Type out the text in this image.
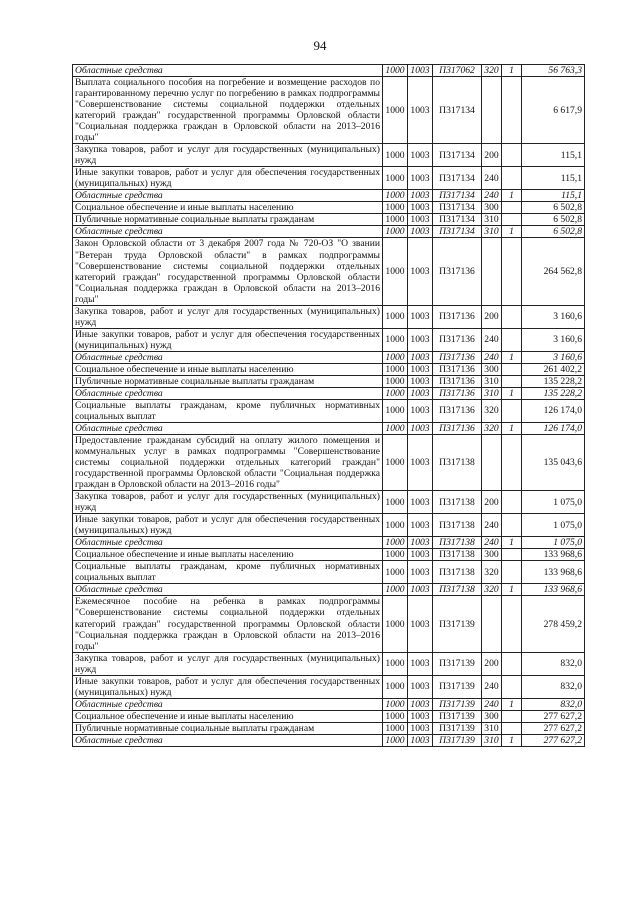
94
Областные средства	1000	1003	П317062	320	1	56 763,3
Выплата социального пособия на погребение и возмещение расходов по гарантированному перечню услуг по погребению в рамках подпрограммы "Совершенствование системы социальной поддержки отдельных категорий граждан" государственной программы Орловской области "Социальная поддержка граждан в Орловской области на 2013–2016 годы"	1000	1003	П317134			6 617,9
Закупка товаров, работ и услуг для государственных (муниципальных) нужд	1000	1003	П317134	200		115,1
Иные закупки товаров, работ и услуг для обеспечения государственных (муниципальных) нужд	1000	1003	П317134	240		115,1
Областные средства	1000	1003	П317134	240	1	115,1
Социальное обеспечение и иные выплаты населению	1000	1003	П317134	300		6 502,8
Публичные нормативные социальные выплаты гражданам	1000	1003	П317134	310		6 502,8
Областные средства	1000	1003	П317134	310	1	6 502,8
Закон Орловской области от 3 декабря 2007 года № 720-ОЗ "О звании "Ветеран труда Орловской области" в рамках подпрограммы "Совершенствование системы социальной поддержки отдельных категорий граждан" государственной программы Орловской области "Социальная поддержка граждан в Орловской области на 2013–2016 годы"	1000	1003	П317136			264 562,8
Закупка товаров, работ и услуг для государственных (муниципальных) нужд	1000	1003	П317136	200		3 160,6
Иные закупки товаров, работ и услуг для обеспечения государственных (муниципальных) нужд	1000	1003	П317136	240		3 160,6
Областные средства	1000	1003	П317136	240	1	3 160,6
Социальное обеспечение и иные выплаты населению	1000	1003	П317136	300		261 402,2
Публичные нормативные социальные выплаты гражданам	1000	1003	П317136	310		135 228,2
Областные средства	1000	1003	П317136	310	1	135 228,2
Социальные выплаты гражданам, кроме публичных нормативных социальных выплат	1000	1003	П317136	320		126 174,0
Областные средства	1000	1003	П317136	320	1	126 174,0
Предоставление гражданам субсидий на оплату жилого помещения и коммунальных услуг в рамках подпрограммы "Совершенствование системы социальной поддержки отдельных категорий граждан" государственной программы Орловской области "Социальная поддержка граждан в Орловской области на 2013–2016 годы"	1000	1003	П317138			135 043,6
Закупка товаров, работ и услуг для государственных (муниципальных) нужд	1000	1003	П317138	200		1 075,0
Иные закупки товаров, работ и услуг для обеспечения государственных (муниципальных) нужд	1000	1003	П317138	240		1 075,0
Областные средства	1000	1003	П317138	240	1	1 075,0
Социальное обеспечение и иные выплаты населению	1000	1003	П317138	300		133 968,6
Социальные выплаты гражданам, кроме публичных нормативных социальных выплат	1000	1003	П317138	320		133 968,6
Областные средства	1000	1003	П317138	320	1	133 968,6
Ежемесячное пособие на ребенка в рамках подпрограммы "Совершенствование системы социальной поддержки отдельных категорий граждан" государственной программы Орловской области "Социальная поддержка граждан в Орловской области на 2013–2016 годы"	1000	1003	П317139			278 459,2
Закупка товаров, работ и услуг для государственных (муниципальных) нужд	1000	1003	П317139	200		832,0
Иные закупки товаров, работ и услуг для обеспечения государственных (муниципальных) нужд	1000	1003	П317139	240		832,0
Областные средства	1000	1003	П317139	240	1	832,0
Социальное обеспечение и иные выплаты населению	1000	1003	П317139	300		277 627,2
Публичные нормативные социальные выплаты гражданам	1000	1003	П317139	310		277 627,2
Областные средства	1000	1003	П317139	310	1	277 627,2
